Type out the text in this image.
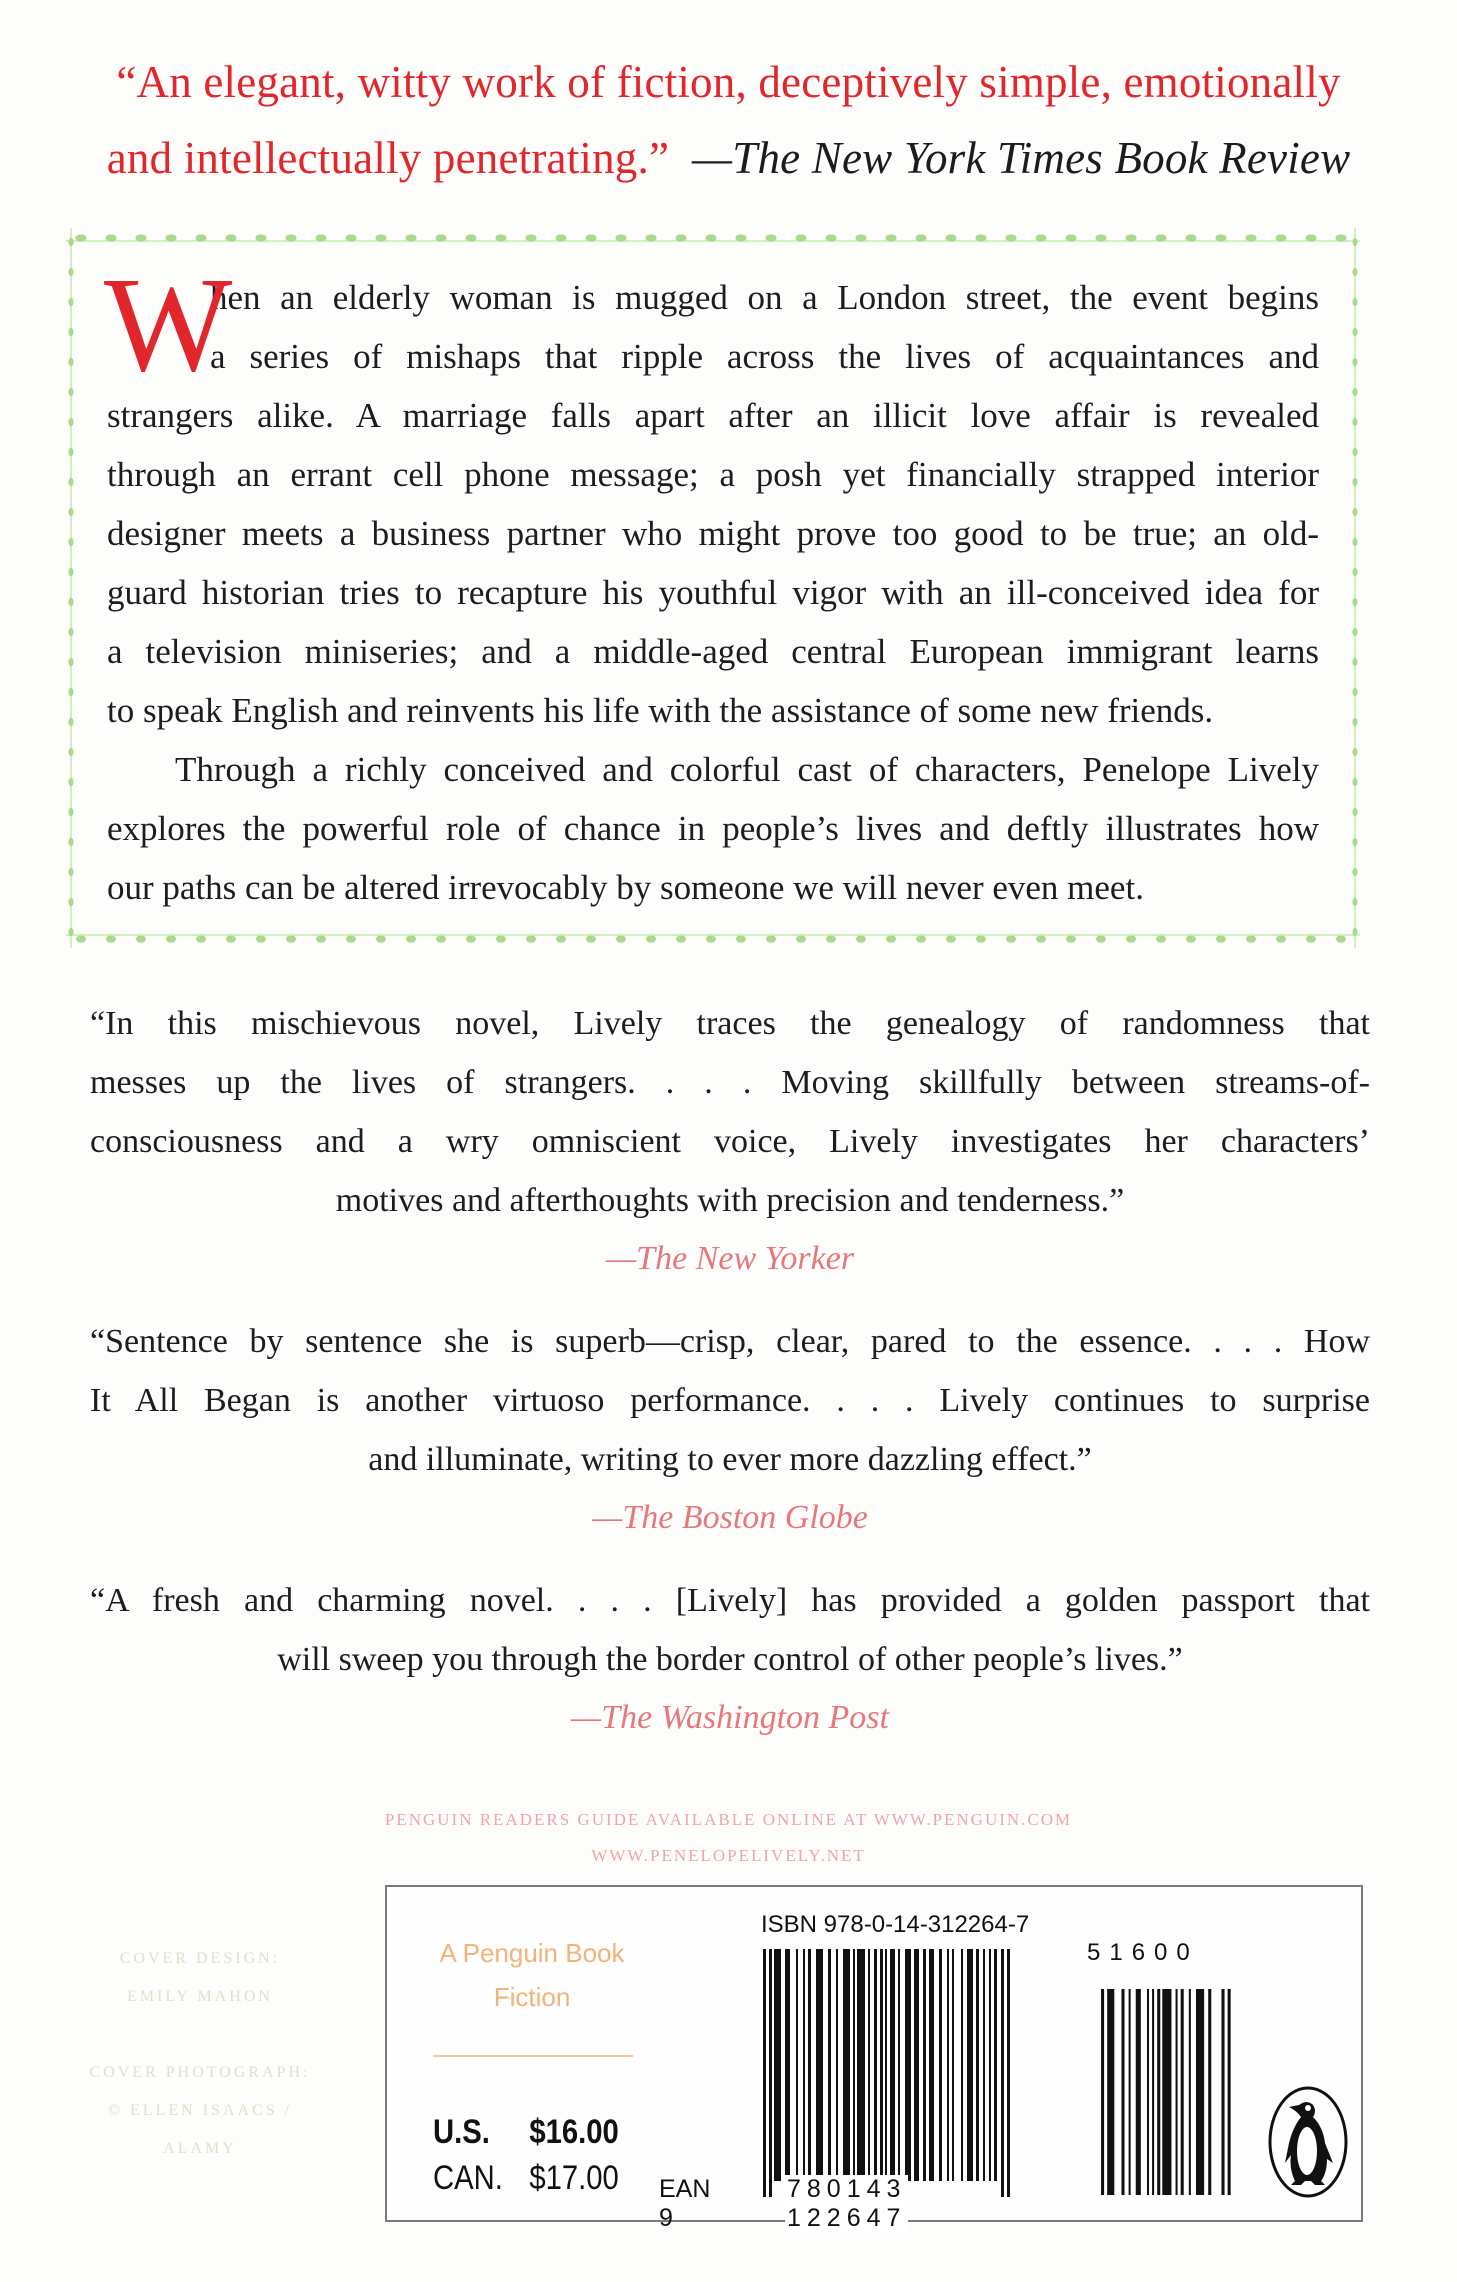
“An elegant, witty work of fiction, deceptively simple, emotionally
and intellectually penetrating.” —The New York Times Book Review
W
hen an elderly woman is mugged on a London street, the event begins
a series of mishaps that ripple across the lives of acquaintances and
strangers alike. A marriage falls apart after an illicit love affair is revealed
through an errant cell phone message; a posh yet financially strapped interior
designer meets a business partner who might prove too good to be true; an old-
guard historian tries to recapture his youthful vigor with an ill-conceived idea for
a television miniseries; and a middle-aged central European immigrant learns
to speak English and reinvents his life with the assistance of some new friends.
Through a richly conceived and colorful cast of characters, Penelope Lively
explores the powerful role of chance in people’s lives and deftly illustrates how
our paths can be altered irrevocably by someone we will never even meet.
“In this mischievous novel, Lively traces the genealogy of randomness that
messes up the lives of strangers. . . . Moving skillfully between streams-of-
consciousness and a wry omniscient voice, Lively investigates her characters’
motives and afterthoughts with precision and tenderness.”
—The New Yorker
“Sentence by sentence she is superb—crisp, clear, pared to the essence. . . . How
It All Began is another virtuoso performance. . . . Lively continues to surprise
and illuminate, writing to ever more dazzling effect.”
—The Boston Globe
“A fresh and charming novel. . . . [Lively] has provided a golden passport that
will sweep you through the border control of other people’s lives.”
—The Washington Post
PENGUIN READERS GUIDE AVAILABLE ONLINE AT WWW.PENGUIN.COM
WWW.PENELOPELIVELY.NET
COVER DESIGN:
EMILY MAHON
COVER PHOTOGRAPH:
© ELLEN ISAACS /
ALAMY
A Penguin Book
Fiction
U.S.	$16.00
CAN. $17.00
ISBN 978-0-14-312264-7
51600
EAN 9
780143 122647
